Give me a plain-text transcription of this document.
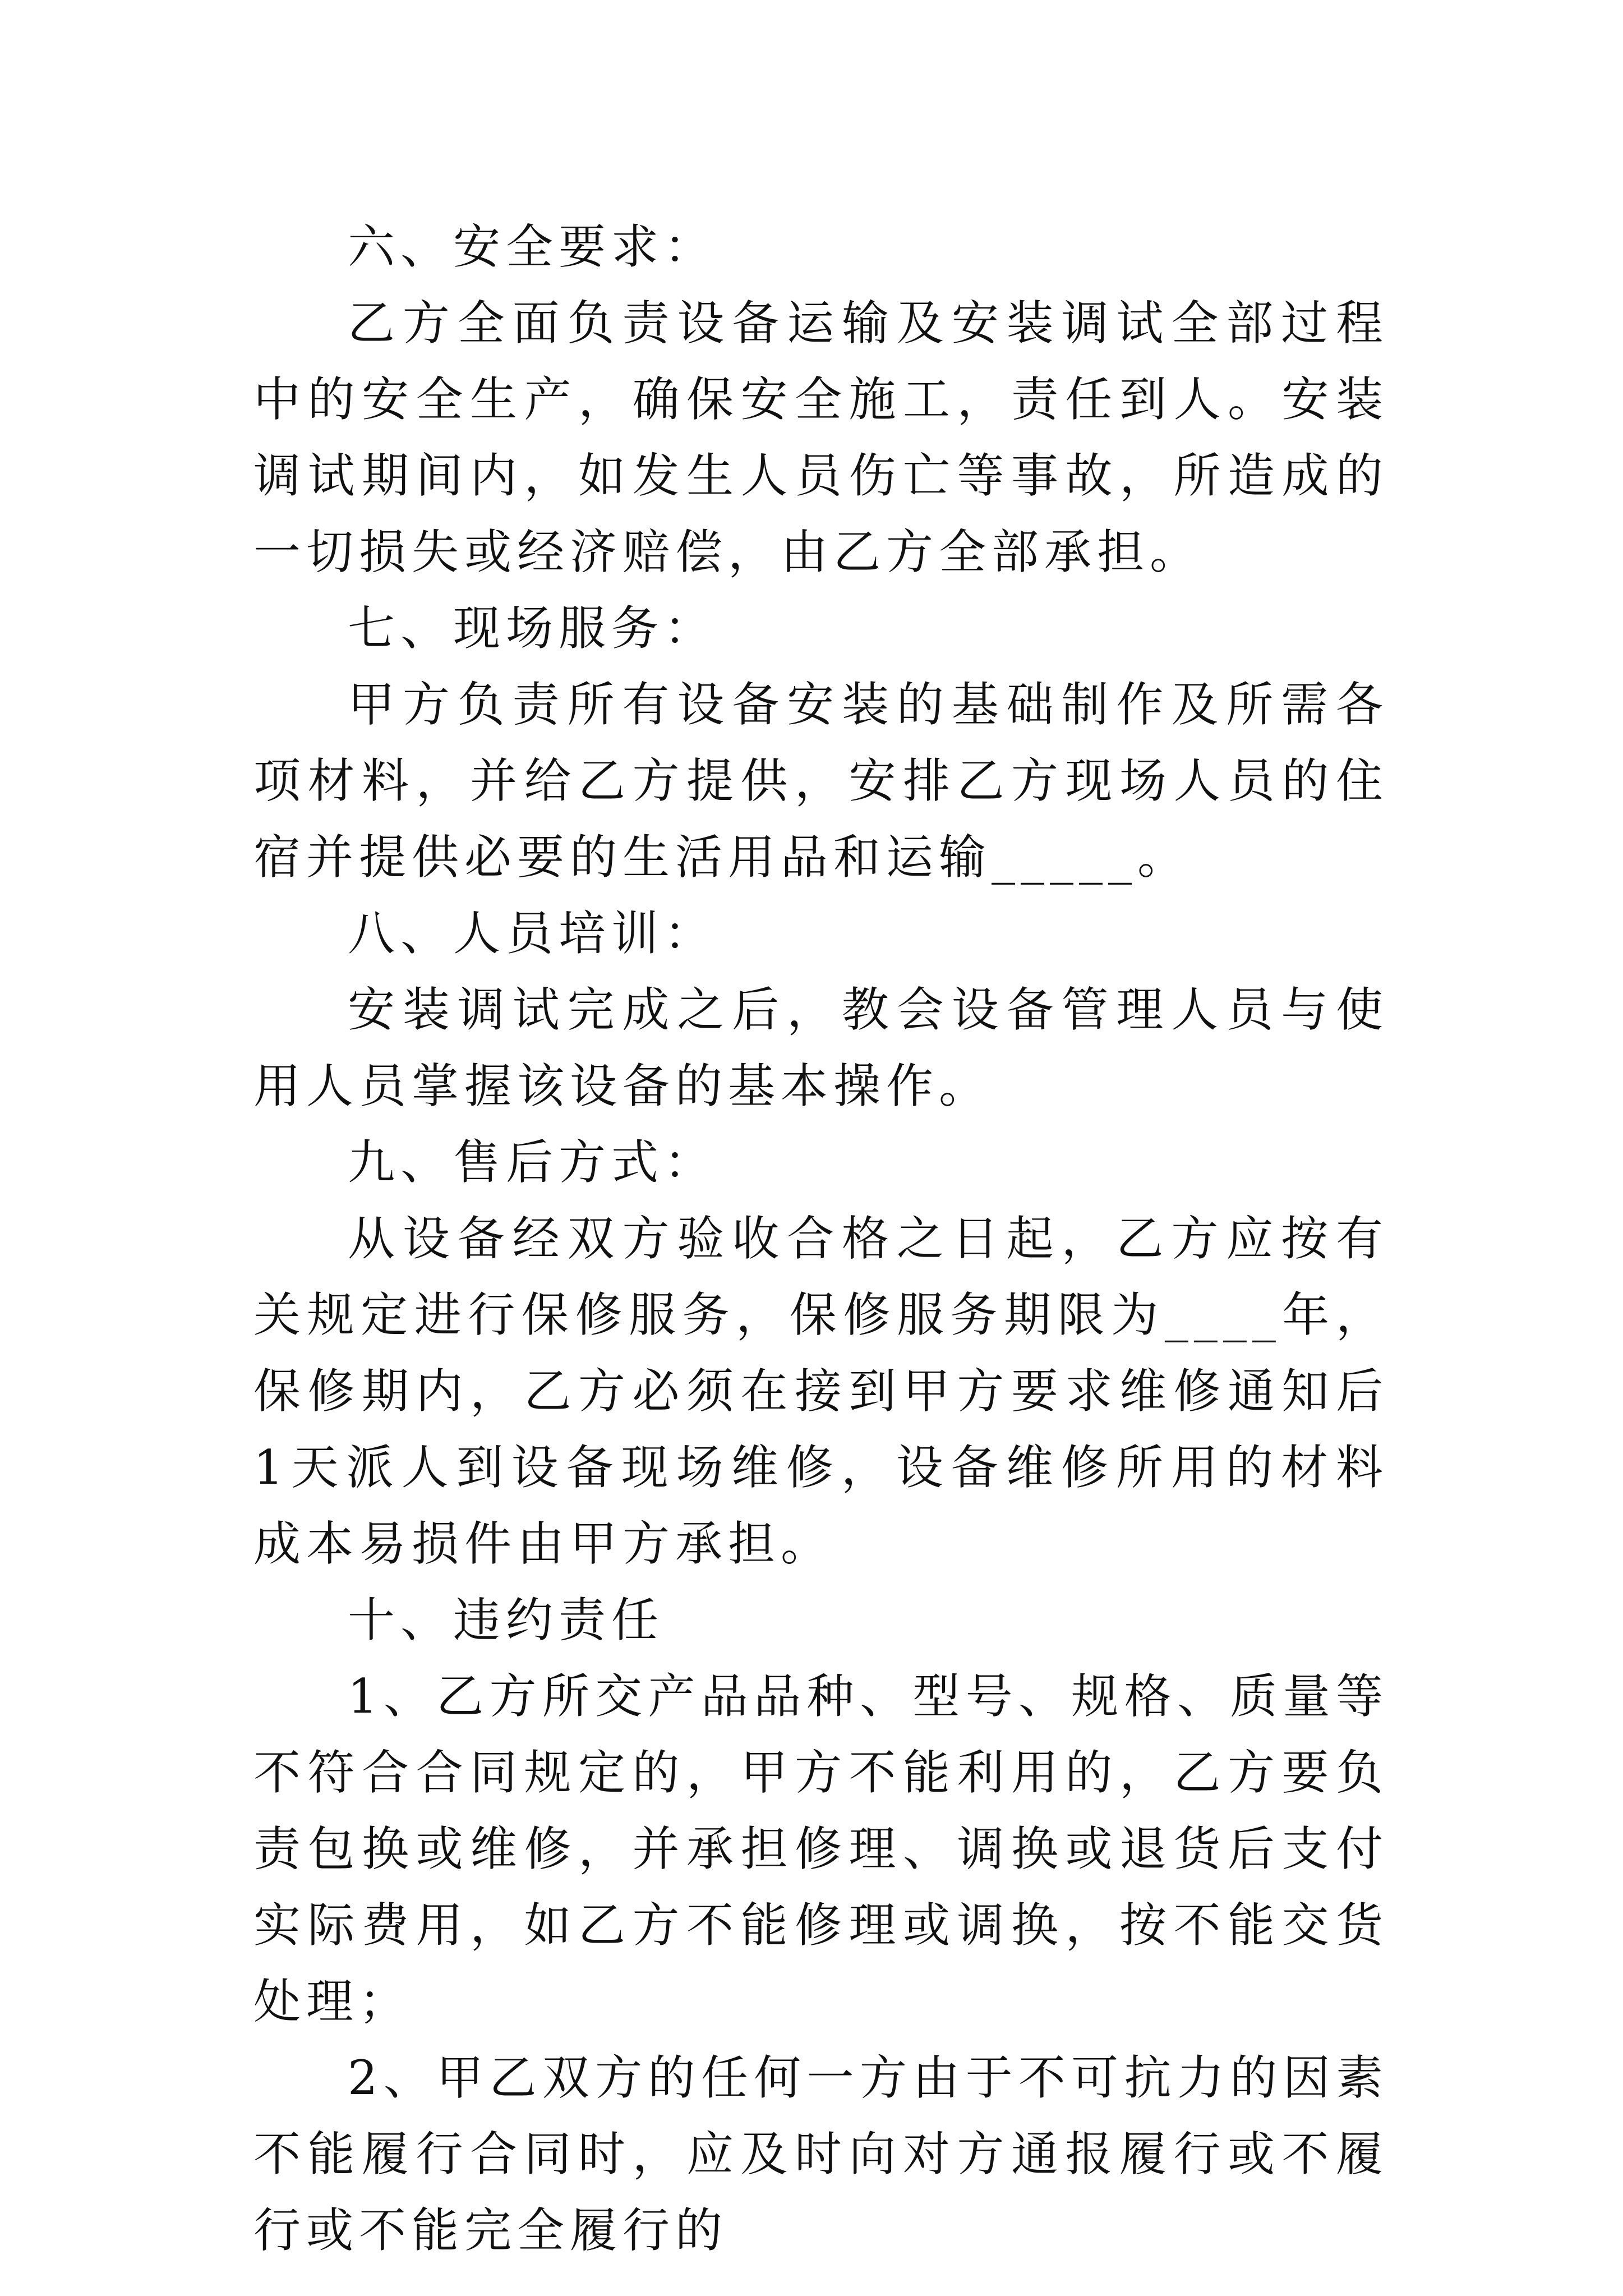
六、安全要求：

乙方全面负责设备运输及安装调试全部过程中的安全生产，确保安全施工，责任到人。安装调试期间内，如发生人员伤亡等事故，所造成的一切损失或经济赔偿，由乙方全部承担。

七、现场服务：

甲方负责所有设备安装的基础制作及所需各项材料，并给乙方提供，安排乙方现场人员的住宿并提供必要的生活用品和运输_____。

八、人员培训：

安装调试完成之后，教会设备管理人员与使用人员掌握该设备的基本操作。

九、售后方式：

从设备经双方验收合格之日起，乙方应按有关规定进行保修服务，保修服务期限为____年，保修期内，乙方必须在接到甲方要求维修通知后1天派人到设备现场维修，设备维修所用的材料成本易损件由甲方承担。

十、违约责任

1、乙方所交产品品种、型号、规格、质量等不符合合同规定的，甲方不能利用的，乙方要负责包换或维修，并承担修理、调换或退货后支付实际费用，如乙方不能修理或调换，按不能交货处理；

2、甲乙双方的任何一方由于不可抗力的因素不能履行合同时，应及时向对方通报履行或不履行或不能完全履行的
